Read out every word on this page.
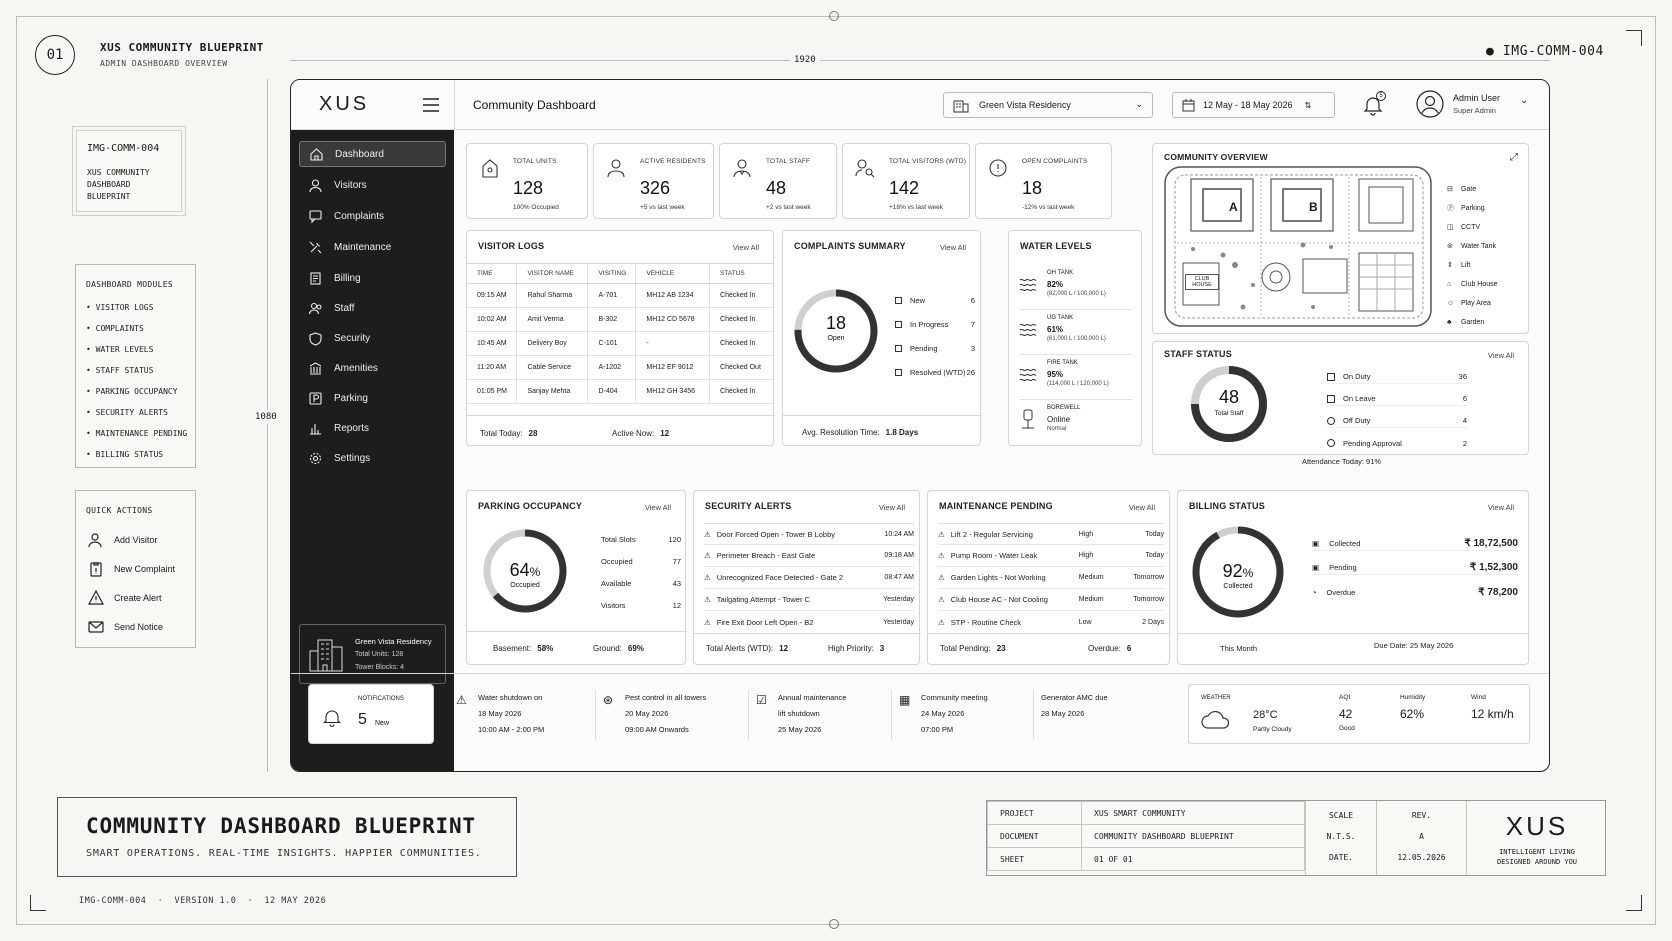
01	XUS COMMUNITY BLUEPRINT
ADMIN DASHBOARD OVERVIEW
● IMG-COMM-004
1920
1080
IMG-COMM-004
XUS COMMUNITY
DASHBOARD
BLUEPRINT
DASHBOARD MODULES
• VISITOR LOGS
• COMPLAINTS
• WATER LEVELS
• STAFF STATUS
• PARKING OCCUPANCY
• SECURITY ALERTS
• MAINTENANCE PENDING
• BILLING STATUS
QUICK ACTIONS
Add Visitor
New Complaint
Create Alert
Send Notice
XUS	Community Dashboard	Green Vista Residency	⌄	12 May - 18 May 2026 ⇅
5	Admin User
Super Admin
⌄
Dashboard
Visitors
Complaints
Maintenance
Billing
Staff
Security
Amenities
Parking
Reports
Settings
Green Vista Residency
Total Units: 128
Tower Blocks: 4
TOTAL UNITS
128
100% Occupied
ACTIVE RESIDENTS
326
+5 vs last week
TOTAL STAFF
48
+2 vs last week
TOTAL VISITORS (WTD)
142
+18% vs last week
OPEN COMPLAINTS
18
-12% vs last week
VISITOR LOGS	View All
TIME	VISITOR NAME	VISITING	VEHICLE	STATUS
09:15 AM	Rahul Sharma	A-701	MH12 AB 1234	Checked In
10:02 AM	Amit Verma	B-302	MH12 CD 5678	Checked In
10:45 AM	Delivery Boy	C-101	-	Checked In
11:20 AM	Cable Service	A-1202	MH12 EF 9012	Checked Out
01:05 PM	Sanjay Mehta	D-404	MH12 GH 3456	Checked In
Total Today: 28	Active Now: 12
COMPLAINTS SUMMARY	View All
18
Open
New	6
In Progress	7
Pending	3
Resolved (WTD) 26
Avg. Resolution Time: 1.8 Days
WATER LEVELS
OH TANK
82%
(82,000 L / 100,000 L)
UG TANK
61%
(61,000 L / 100,000 L)
FIRE TANK
95%
(114,000 L / 120,000 L)
BOREWELL
Online
Normal
COMMUNITY OVERVIEW	⤢
A	B
CLUB HOUSE
⊟ Gate
Ⓟ Parking
◫ CCTV
⊚ Water Tank
⇕ Lift
⌂ Club House
☺ Play Area
♣ Garden
STAFF STATUS	View All
48
Total Staff
On Duty	36
On Leave	6
Off Duty	4
Pending Approval	2
Attendance Today: 91%
PARKING OCCUPANCY	View All
64%
Occupied
Total Slots	120
Occupied	77
Available	43
Visitors	12
Basement: 58%	Ground: 69%
SECURITY ALERTS	View All
⚠ Door Forced Open - Tower B Lobby	10:24 AM
⚠ Perimeter Breach - East Gate	09:18 AM
⚠ Unrecognized Face Detected - Gate 2	08:47 AM
⚠ Tailgating Attempt - Tower C	Yesterday
⚠ Fire Exit Door Left Open - B2	Yesterday
Total Alerts (WTD): 12	High Priority: 3
MAINTENANCE PENDING	View All
⚠ Lift 2 - Regular Servicing	High	Today
⚠ Pump Room - Water Leak	High	Today
⚠ Garden Lights - Not Working	Medium	Tomorrow
⚠ Club House AC - Not Cooling	Medium	Tomorrow
⚠ STP - Routine Check	Low	2 Days
Total Pending: 23	Overdue: 6
BILLING STATUS	View All
92%
Collected
▣ Collected	₹ 18,72,500
▣ Pending	₹ 1,52,300
◔ Overdue	₹ 78,200
This Month	Due Date: 25 May 2026
NOTIFICATIONS
5 New
⚠ Water shutdown on
18 May 2026
10:00 AM - 2:00 PM
⊛ Pest control in all towers
20 May 2026
09:00 AM Onwards
☑ Annual maintenance
lift shutdown
25 May 2026
▦ Community meeting
24 May 2026
07:00 PM
Generator AMC due
28 May 2026
WEATHER
28°C
Partly Cloudy
AQI
42
Good
Humidity
62%
Wind
12 km/h
COMMUNITY DASHBOARD BLUEPRINT
SMART OPERATIONS. REAL-TIME INSIGHTS. HAPPIER COMMUNITIES.
IMG-COMM-004  ·  VERSION 1.0  ·  12 MAY 2026
PROJECT	XUS SMART COMMUNITY
DOCUMENT	COMMUNITY DASHBOARD BLUEPRINT
SHEET	01 OF 01
SCALE
N.T.S.
DATE.
REV.
A
12.05.2026
XUS
INTELLIGENT LIVING
DESIGNED AROUND YOU
